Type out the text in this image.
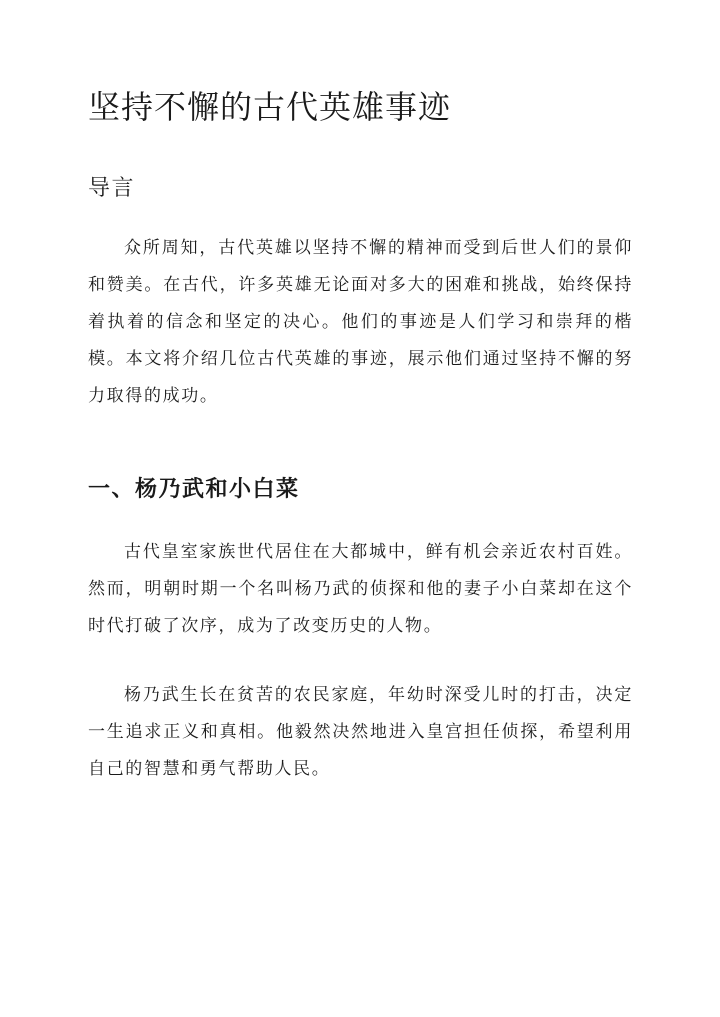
坚持不懈的古代英雄事迹
导言

众所周知，古代英雄以坚持不懈的精神而受到后世人们的景仰和赞美。在古代，许多英雄无论面对多大的困难和挑战，始终保持着执着的信念和坚定的决心。他们的事迹是人们学习和崇拜的楷模。本文将介绍几位古代英雄的事迹，展示他们通过坚持不懈的努力取得的成功。

一、杨乃武和小白菜

古代皇室家族世代居住在大都城中，鲜有机会亲近农村百姓。然而，明朝时期一个名叫杨乃武的侦探和他的妻子小白菜却在这个时代打破了次序，成为了改变历史的人物。

杨乃武生长在贫苦的农民家庭，年幼时深受儿时的打击，决定一生追求正义和真相。他毅然决然地进入皇宫担任侦探，希望利用自己的智慧和勇气帮助人民。
